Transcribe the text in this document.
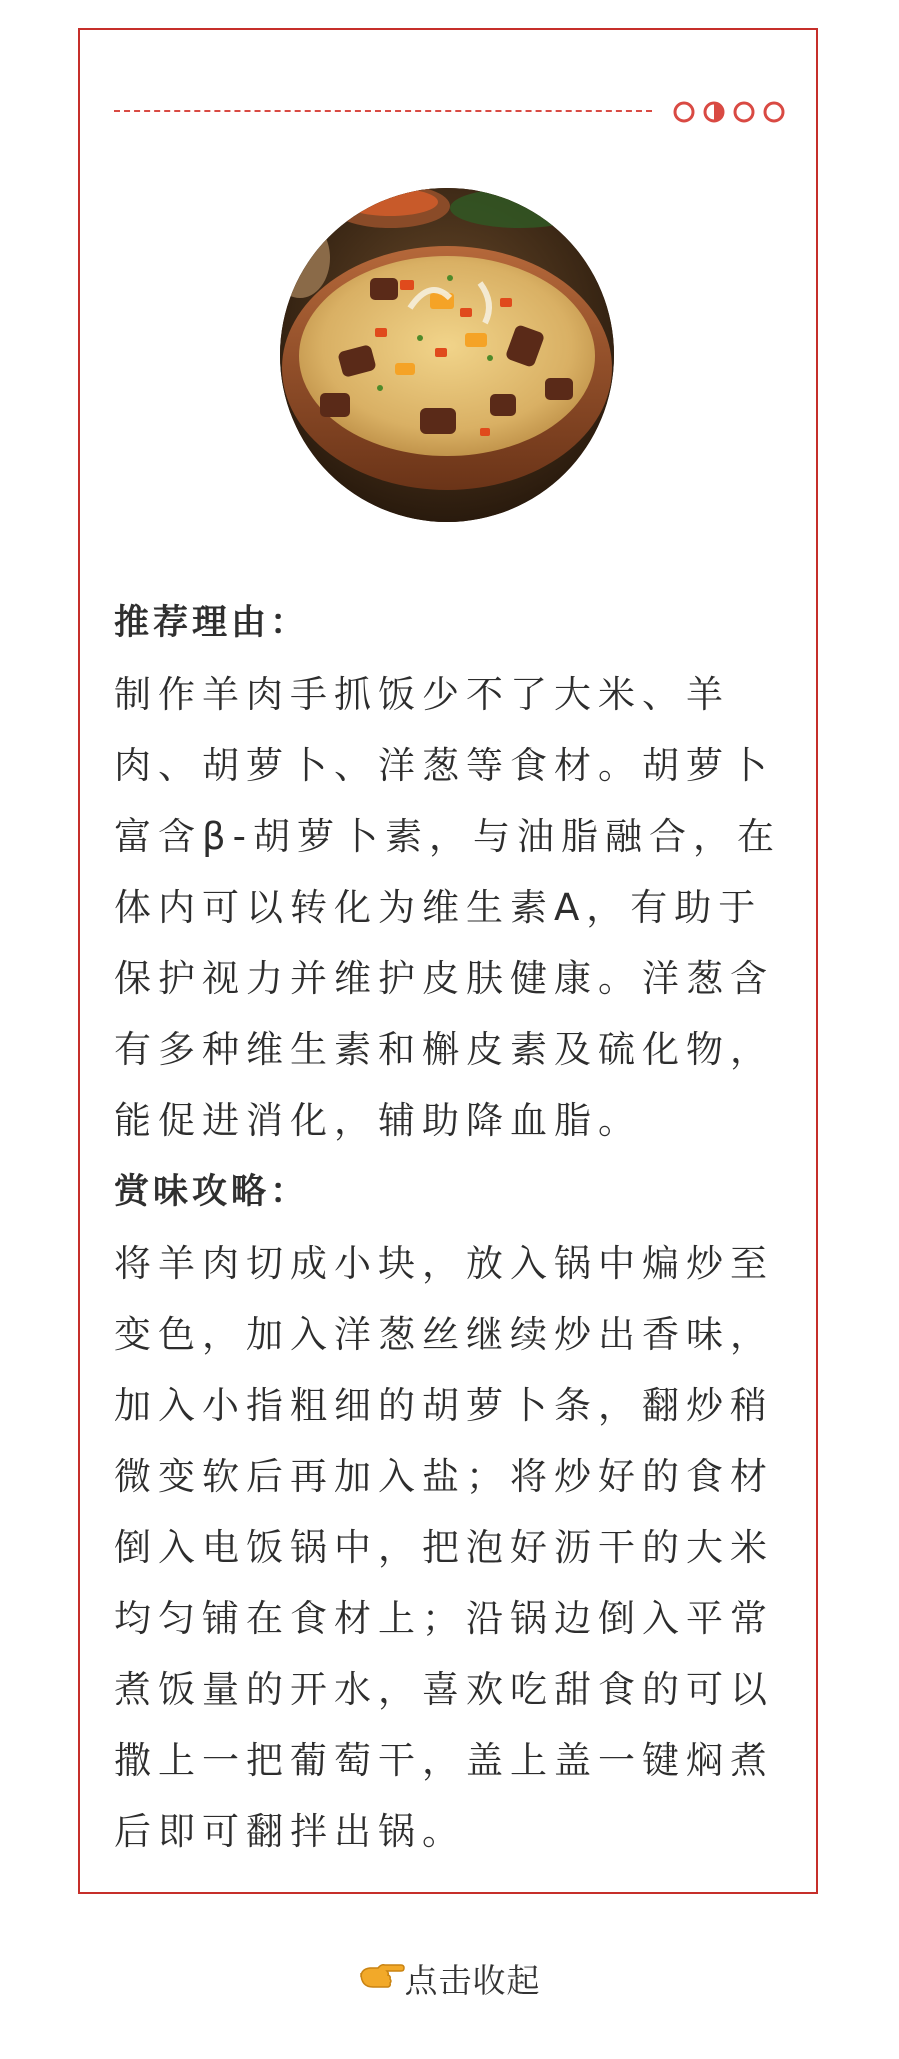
推荐理由：
制作羊肉手抓饭少不了大米、羊
肉、胡萝卜、洋葱等食材。胡萝卜
富含β-胡萝卜素，与油脂融合，在
体内可以转化为维生素A，有助于
保护视力并维护皮肤健康。洋葱含
有多种维生素和槲皮素及硫化物，
能促进消化，辅助降血脂。
赏味攻略：
将羊肉切成小块，放入锅中煸炒至
变色，加入洋葱丝继续炒出香味，
加入小指粗细的胡萝卜条，翻炒稍
微变软后再加入盐；将炒好的食材
倒入电饭锅中，把泡好沥干的大米
均匀铺在食材上；沿锅边倒入平常
煮饭量的开水，喜欢吃甜食的可以
撒上一把葡萄干，盖上盖一键焖煮
后即可翻拌出锅。
点击收起
